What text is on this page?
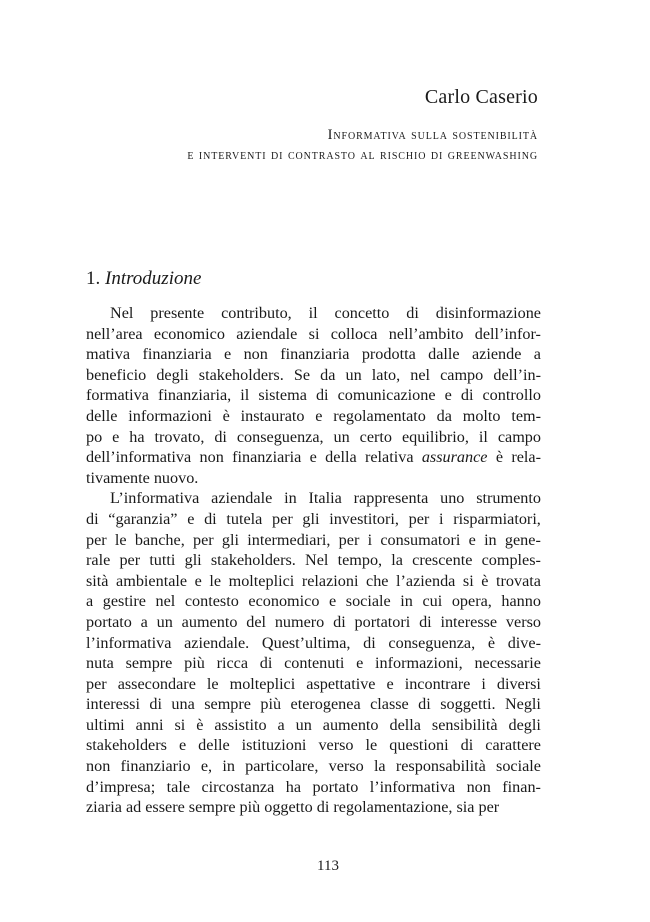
Carlo Caserio
Informativa sulla sostenibilità
e interventi di contrasto al rischio di greenwashing
1. Introduzione
Nel presente contributo, il concetto di disinformazione
nell’area economico aziendale si colloca nell’ambito dell’infor-
mativa finanziaria e non finanziaria prodotta dalle aziende a
beneficio degli stakeholders. Se da un lato, nel campo dell’in-
formativa finanziaria, il sistema di comunicazione e di controllo
delle informazioni è instaurato e regolamentato da molto tem-
po e ha trovato, di conseguenza, un certo equilibrio, il campo
dell’informativa non finanziaria e della relativa assurance è rela-
tivamente nuovo.
L’informativa aziendale in Italia rappresenta uno strumento
di “garanzia” e di tutela per gli investitori, per i risparmiatori,
per le banche, per gli intermediari, per i consumatori e in gene-
rale per tutti gli stakeholders. Nel tempo, la crescente comples-
sità ambientale e le molteplici relazioni che l’azienda si è trovata
a gestire nel contesto economico e sociale in cui opera, hanno
portato a un aumento del numero di portatori di interesse verso
l’informativa aziendale. Quest’ultima, di conseguenza, è dive-
nuta sempre più ricca di contenuti e informazioni, necessarie
per assecondare le molteplici aspettative e incontrare i diversi
interessi di una sempre più eterogenea classe di soggetti. Negli
ultimi anni si è assistito a un aumento della sensibilità degli
stakeholders e delle istituzioni verso le questioni di carattere
non finanziario e, in particolare, verso la responsabilità sociale
d’impresa; tale circostanza ha portato l’informativa non finan-
ziaria ad essere sempre più oggetto di regolamentazione, sia per
113
